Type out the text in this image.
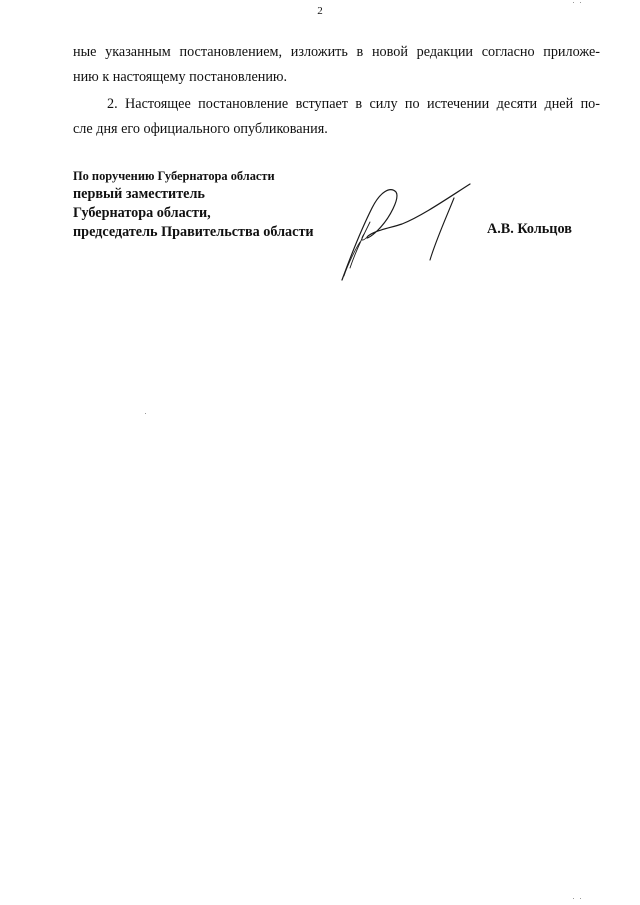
2
ные указанным постановлением, изложить в новой редакции согласно приложе-
нию к настоящему постановлению.
2. Настоящее постановление вступает в силу по истечении десяти дней по-
сле дня его официального опубликования.
По поручению Губернатора области
первый заместитель
Губернатора области,
председатель Правительства области	А.В. Кольцов
